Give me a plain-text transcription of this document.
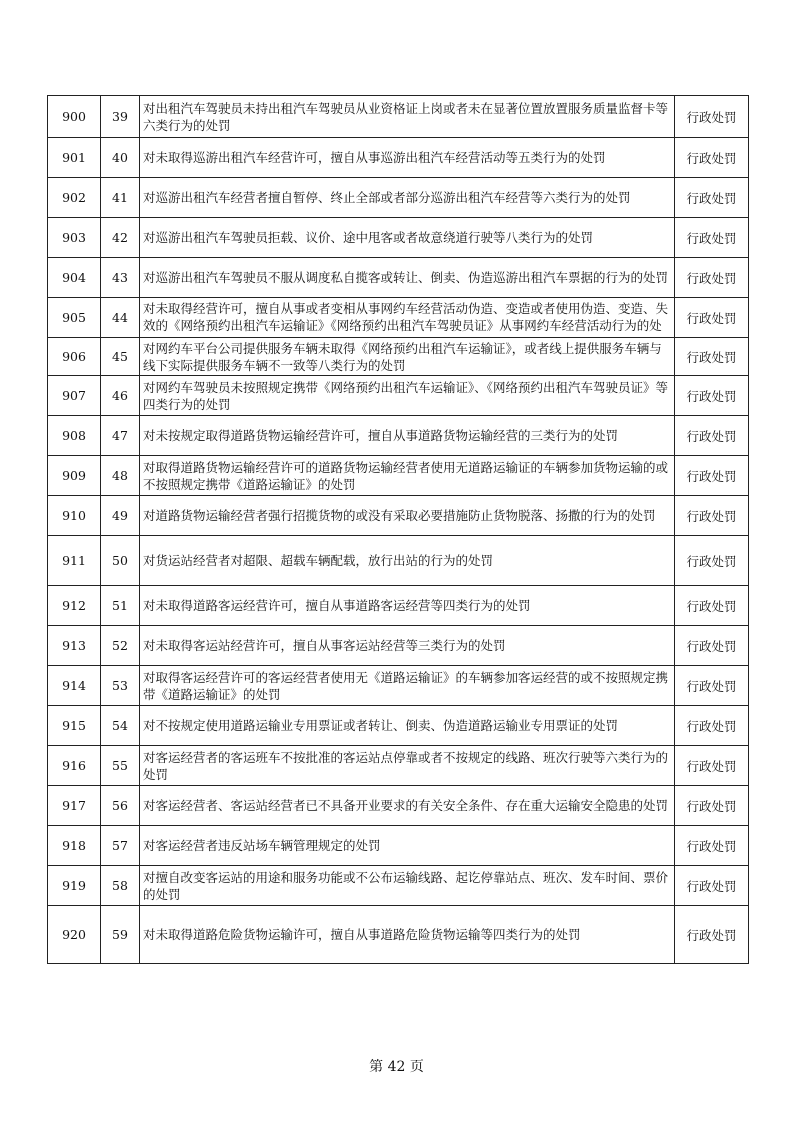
900	39	对出租汽车驾驶员未持出租汽车驾驶员从业资格证上岗或者未在显著位置放置服务质量监督卡等六类行为的处罚	行政处罚
901	40	对未取得巡游出租汽车经营许可，擅自从事巡游出租汽车经营活动等五类行为的处罚	行政处罚
902	41	对巡游出租汽车经营者擅自暂停、终止全部或者部分巡游出租汽车经营等六类行为的处罚	行政处罚
903	42	对巡游出租汽车驾驶员拒载、议价、途中甩客或者故意绕道行驶等八类行为的处罚	行政处罚
904	43	对巡游出租汽车驾驶员不服从调度私自揽客或转让、倒卖、伪造巡游出租汽车票据的行为的处罚	行政处罚
905	44	对未取得经营许可，擅自从事或者变相从事网约车经营活动伪造、变造或者使用伪造、变造、失效的《网络预约出租汽车运输证》《网络预约出租汽车驾驶员证》从事网约车经营活动行为的处	行政处罚
906	45	对网约车平台公司提供服务车辆未取得《网络预约出租汽车运输证》，或者线上提供服务车辆与线下实际提供服务车辆不一致等八类行为的处罚	行政处罚
907	46	对网约车驾驶员未按照规定携带《网络预约出租汽车运输证》、《网络预约出租汽车驾驶员证》等四类行为的处罚	行政处罚
908	47	对未按规定取得道路货物运输经营许可，擅自从事道路货物运输经营的三类行为的处罚	行政处罚
909	48	对取得道路货物运输经营许可的道路货物运输经营者使用无道路运输证的车辆参加货物运输的或不按照规定携带《道路运输证》的处罚	行政处罚
910	49	对道路货物运输经营者强行招揽货物的或没有采取必要措施防止货物脱落、扬撒的行为的处罚	行政处罚
911	50	对货运站经营者对超限、超载车辆配载，放行出站的行为的处罚	行政处罚
912	51	对未取得道路客运经营许可，擅自从事道路客运经营等四类行为的处罚	行政处罚
913	52	对未取得客运站经营许可，擅自从事客运站经营等三类行为的处罚	行政处罚
914	53	对取得客运经营许可的客运经营者使用无《道路运输证》的车辆参加客运经营的或不按照规定携带《道路运输证》的处罚	行政处罚
915	54	对不按规定使用道路运输业专用票证或者转让、倒卖、伪造道路运输业专用票证的处罚	行政处罚
916	55	对客运经营者的客运班车不按批准的客运站点停靠或者不按规定的线路、班次行驶等六类行为的处罚	行政处罚
917	56	对客运经营者、客运站经营者已不具备开业要求的有关安全条件、存在重大运输安全隐患的处罚	行政处罚
918	57	对客运经营者违反站场车辆管理规定的处罚	行政处罚
919	58	对擅自改变客运站的用途和服务功能或不公布运输线路、起讫停靠站点、班次、发车时间、票价的处罚	行政处罚
920	59	对未取得道路危险货物运输许可，擅自从事道路危险货物运输等四类行为的处罚	行政处罚
第 42 页
